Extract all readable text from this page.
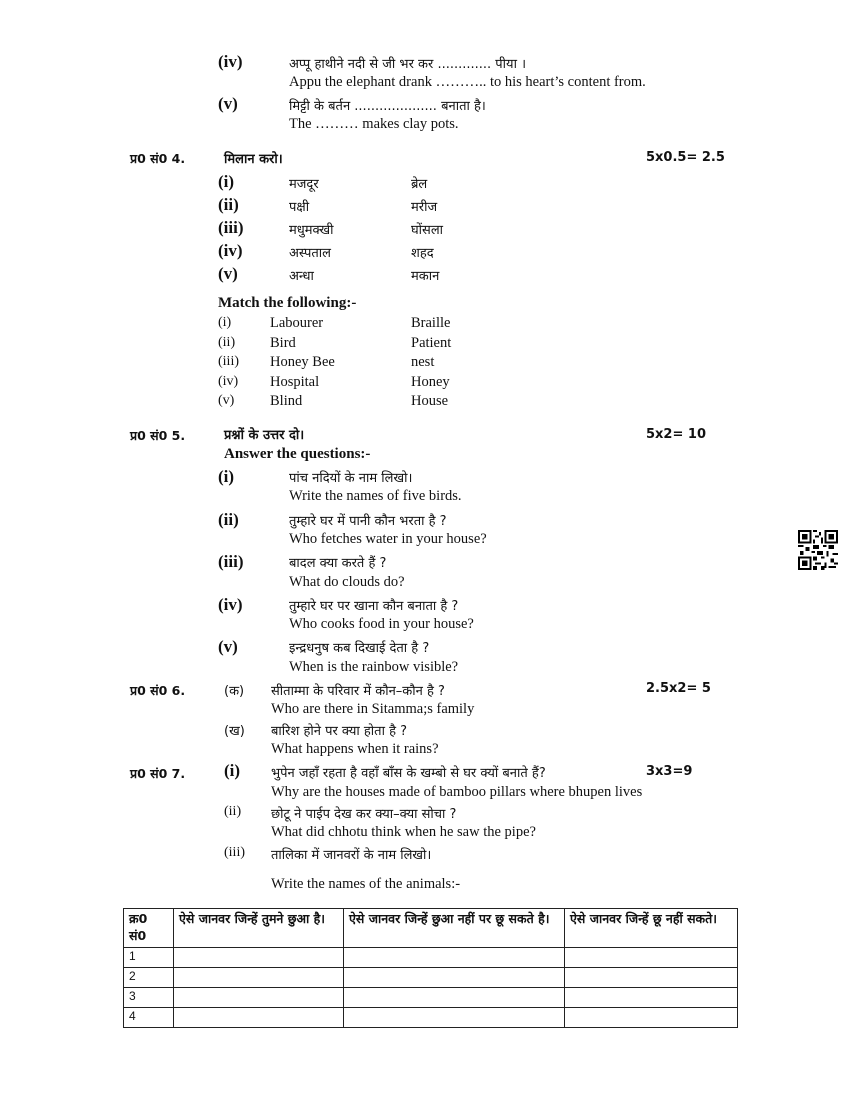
(iv)	अप्पू हाथीने नदी से जी भर कर ............. पीया ।
Appu the elephant drank ……….. to his heart’s content from.
(v)	मिट्टी के बर्तन .................... बनाता है।
The ……… makes clay pots.
प्र0 सं0 4.	मिलान करो।	5x0.5= 2.5
(i)	मजदूर	ब्रेल
(ii)	पक्षी	मरीज
(iii)	मधुमक्खी	घोंसला
(iv)	अस्पताल	शहद
(v)	अन्धा	मकान
Match the following:-
(i)	Labourer	Braille
(ii) Bird	Patient
(iii) Honey Bee	nest
(iv) Hospital	Honey
(v) Blind	House
प्र0 सं0 5.	प्रश्नों के उत्तर दो।	5x2= 10
Answer the questions:-
(i)	पांच नदियों के नाम लिखो।
Write the names of five birds.
(ii)	तुम्हारे घर में पानी कौन भरता है ?
Who fetches water in your house?
(iii)	बादल क्या करते हैं ?
What do clouds do?
(iv)	तुम्हारे घर पर खाना कौन बनाता है ?
Who cooks food in your house?
(v)	इन्द्रधनुष कब दिखाई देता है ?
When is the rainbow visible?
प्र0 सं0 6.	2.5x2= 5
(क) सीताम्मा के परिवार में कौन–कौन है ?
Who are there in Sitamma;s family
(ख) बारिश होने पर क्या होता है ?
What happens when it rains?
प्र0 सं0 7.	3x3=9
(i) भुपेन जहाँ रहता है वहाँ बाँस के खम्बो से घर क्यों बनाते हैं?
Why are the houses made of bamboo pillars where bhupen lives
(ii) छोटू ने पाईप देख कर क्या–क्या सोचा ?
What did chhotu think when he saw the pipe?
(iii) तालिका में जानवरों के नाम लिखो।
Write the names of the animals:-
क्र0 सं0	ऐसे जानवर जिन्हें तुमने छुआ है।	ऐसे जानवर जिन्हें छुआ नहीं पर छू सकते है।	ऐसे जानवर जिन्हें छू नहीं सकते।
1			
2			
3			
4			
